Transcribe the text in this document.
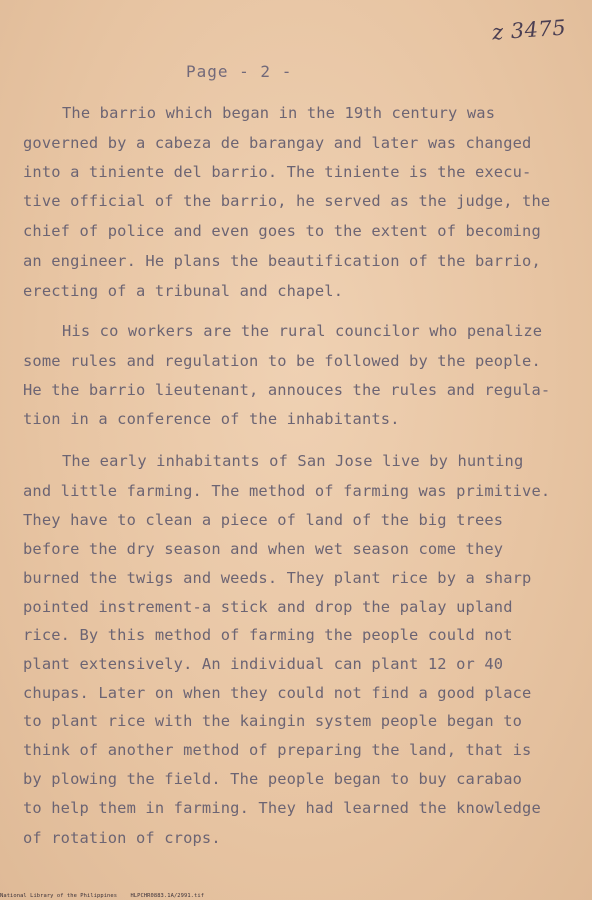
z 3475
Page - 2 -
The barrio which began in the 19th century was
governed by a cabeza de barangay and later was changed
into a tiniente del barrio. The tiniente is the execu-
tive official of the barrio, he served as the judge, the
chief of police and even goes to the extent of becoming
an engineer. He plans the beautification of the barrio,
erecting of a tribunal and chapel.
His co workers are the rural councilor who penalize
some rules and regulation to be followed by the people.
He the barrio lieutenant, annouces the rules and regula-
tion in a conference of the inhabitants.
The early inhabitants of San Jose live by hunting
and little farming. The method of farming was primitive.
They have to clean a piece of land of the big trees
before the dry season and when wet season come they
burned the twigs and weeds. They plant rice by a sharp
pointed instrement-a stick and drop the palay upland
rice. By this method of farming the people could not
plant extensively. An individual can plant 12 or 40
chupas. Later on when they could not find a good place
to plant rice with the kaingin system people began to
think of another method of preparing the land, that is
by plowing the field. The people began to buy carabao
to help them in farming. They had learned the knowledge
of rotation of crops.
National Library of the Philippines HLPCHR0883.1A/2991.tif
